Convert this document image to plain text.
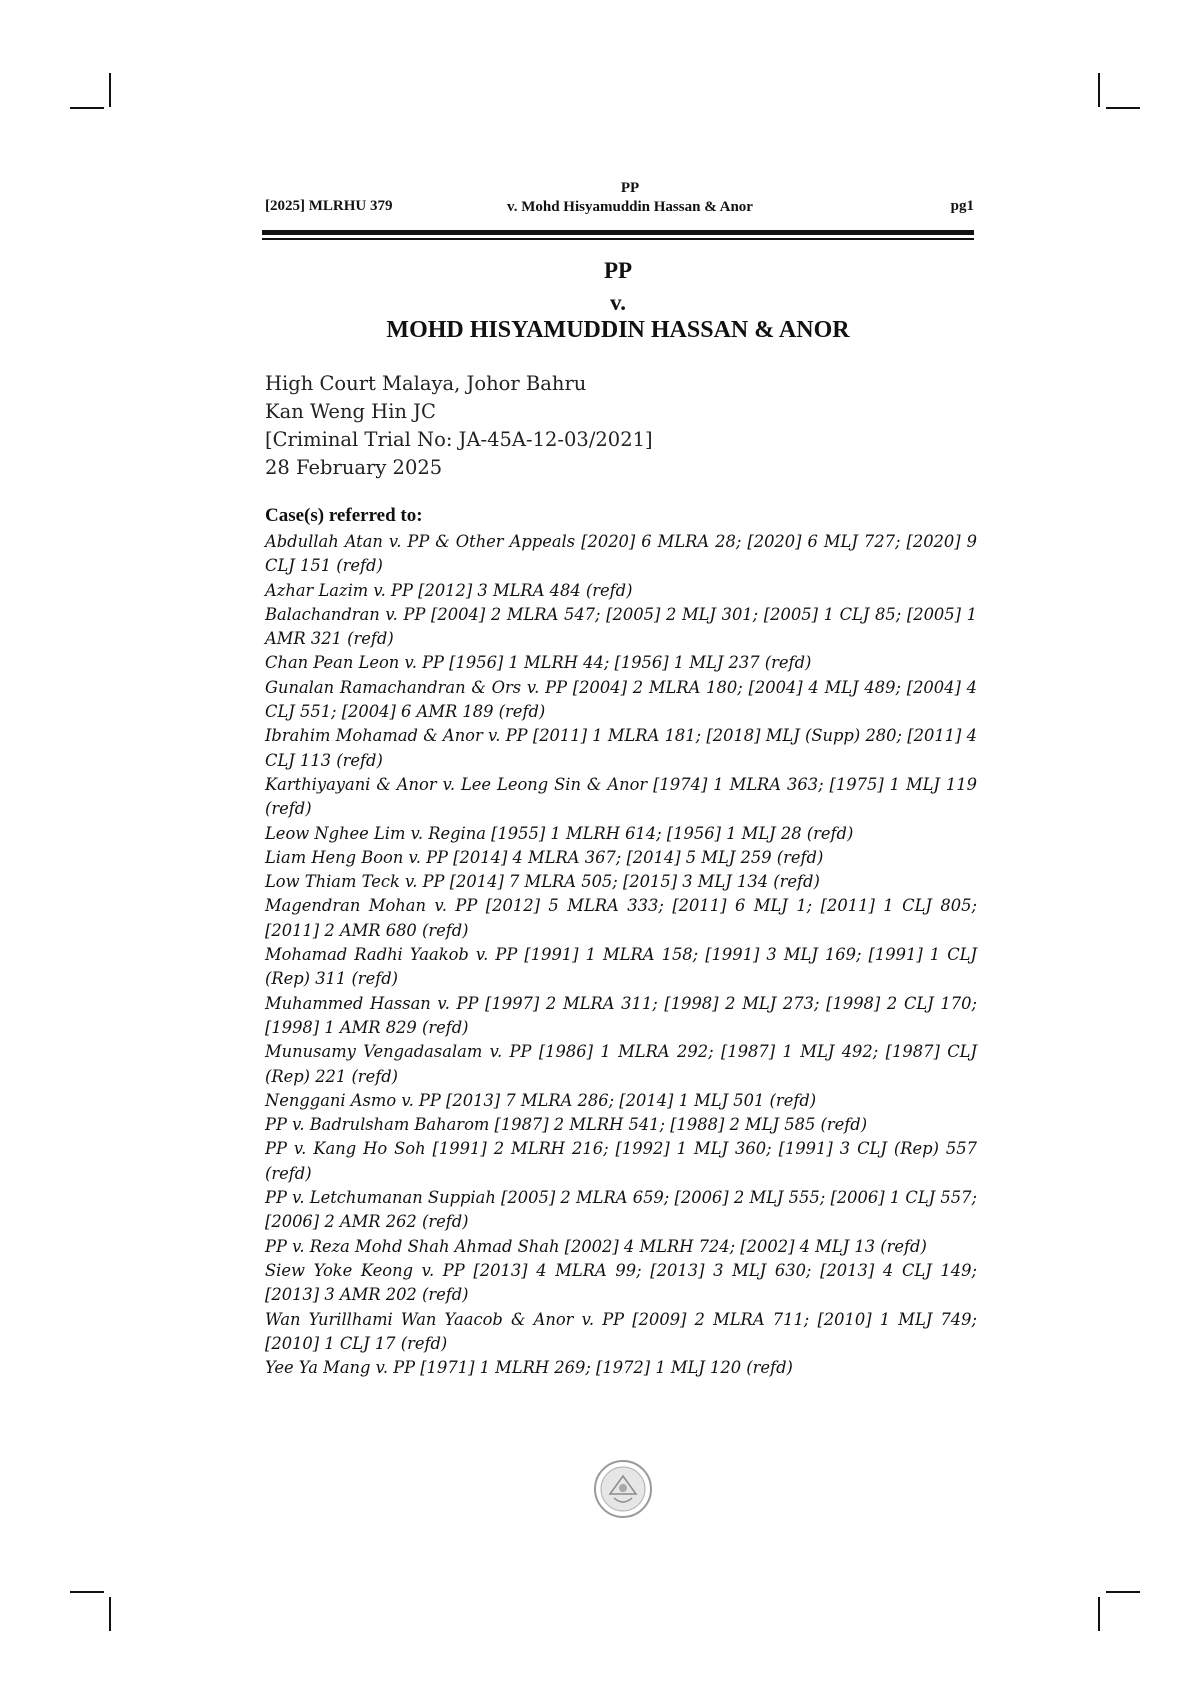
[2025] MLRHU 379
PP
v. Mohd Hisyamuddin Hassan & Anor	pg1
PP
v.
MOHD HISYAMUDDIN HASSAN & ANOR
High Court Malaya, Johor Bahru
Kan Weng Hin JC
[Criminal Trial No: JA-45A-12-03/2021]
28 February 2025
Case(s) referred to:
Abdullah Atan v. PP & Other Appeals [2020] 6 MLRA 28; [2020] 6 MLJ 727; [2020] 9 CLJ 151 (refd)
Azhar Lazim v. PP [2012] 3 MLRA 484 (refd)
Balachandran v. PP [2004] 2 MLRA 547; [2005] 2 MLJ 301; [2005] 1 CLJ 85; [2005] 1 AMR 321 (refd)
Chan Pean Leon v. PP [1956] 1 MLRH 44; [1956] 1 MLJ 237 (refd)
Gunalan Ramachandran & Ors v. PP [2004] 2 MLRA 180; [2004] 4 MLJ 489; [2004] 4 CLJ 551; [2004] 6 AMR 189 (refd)
Ibrahim Mohamad & Anor v. PP [2011] 1 MLRA 181; [2018] MLJ (Supp) 280; [2011] 4 CLJ 113 (refd)
Karthiyayani & Anor v. Lee Leong Sin & Anor [1974] 1 MLRA 363; [1975] 1 MLJ 119 (refd)
Leow Nghee Lim v. Regina [1955] 1 MLRH 614; [1956] 1 MLJ 28 (refd)
Liam Heng Boon v. PP [2014] 4 MLRA 367; [2014] 5 MLJ 259 (refd)
Low Thiam Teck v. PP [2014] 7 MLRA 505; [2015] 3 MLJ 134 (refd)
Magendran Mohan v. PP [2012] 5 MLRA 333; [2011] 6 MLJ 1; [2011] 1 CLJ 805; [2011] 2 AMR 680 (refd)
Mohamad Radhi Yaakob v. PP [1991] 1 MLRA 158; [1991] 3 MLJ 169; [1991] 1 CLJ (Rep) 311 (refd)
Muhammed Hassan v. PP [1997] 2 MLRA 311; [1998] 2 MLJ 273; [1998] 2 CLJ 170; [1998] 1 AMR 829 (refd)
Munusamy Vengadasalam v. PP [1986] 1 MLRA 292; [1987] 1 MLJ 492; [1987] CLJ (Rep) 221 (refd)
Nenggani Asmo v. PP [2013] 7 MLRA 286; [2014] 1 MLJ 501 (refd)
PP v. Badrulsham Baharom [1987] 2 MLRH 541; [1988] 2 MLJ 585 (refd)
PP v. Kang Ho Soh [1991] 2 MLRH 216; [1992] 1 MLJ 360; [1991] 3 CLJ (Rep) 557 (refd)
PP v. Letchumanan Suppiah [2005] 2 MLRA 659; [2006] 2 MLJ 555; [2006] 1 CLJ 557; [2006] 2 AMR 262 (refd)
PP v. Reza Mohd Shah Ahmad Shah [2002] 4 MLRH 724; [2002] 4 MLJ 13 (refd)
Siew Yoke Keong v. PP [2013] 4 MLRA 99; [2013] 3 MLJ 630; [2013] 4 CLJ 149; [2013] 3 AMR 202 (refd)
Wan Yurillhami Wan Yaacob & Anor v. PP [2009] 2 MLRA 711; [2010] 1 MLJ 749; [2010] 1 CLJ 17 (refd)
Yee Ya Mang v. PP [1971] 1 MLRH 269; [1972] 1 MLJ 120 (refd)
